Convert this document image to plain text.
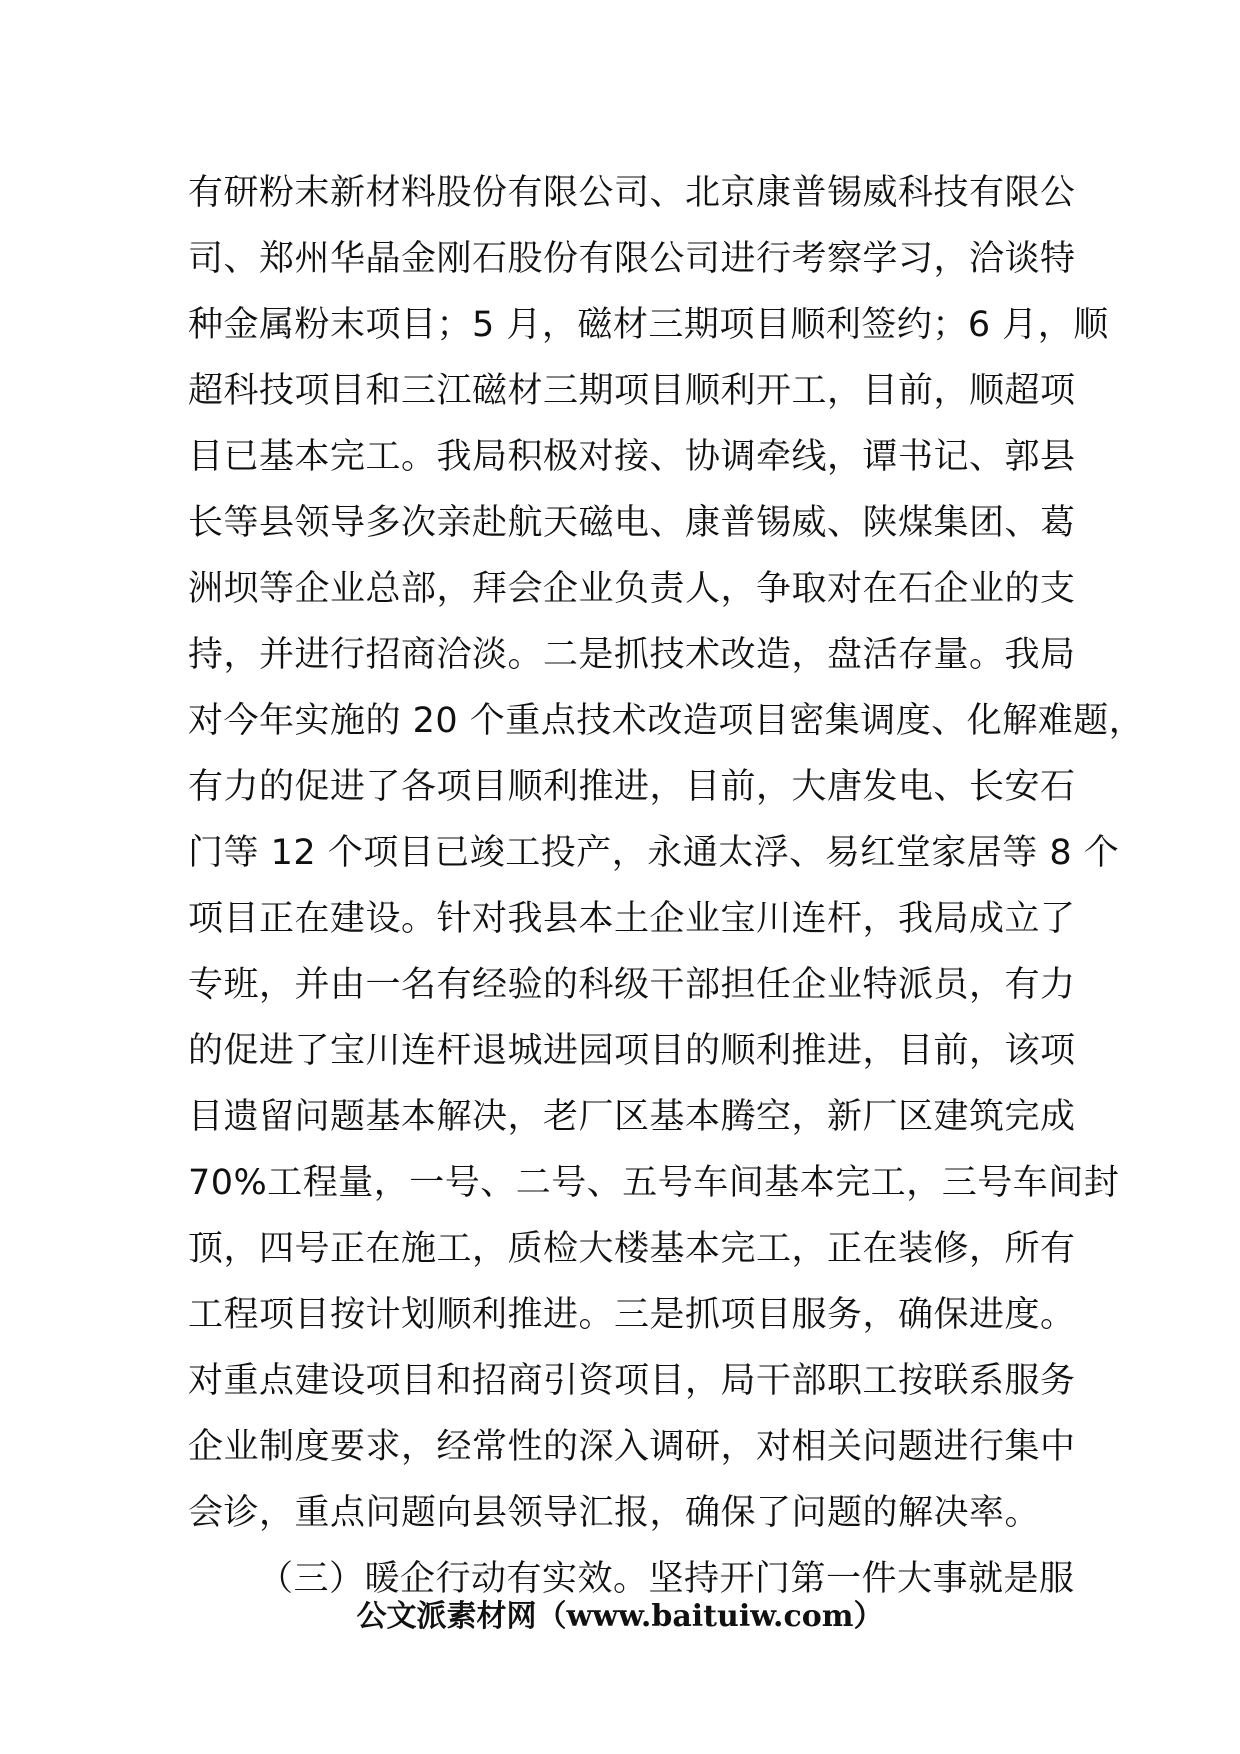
有研粉末新材料股份有限公司、北京康普锡威科技有限公
司、郑州华晶金刚石股份有限公司进行考察学习，洽谈特
种金属粉末项目；5 月，磁材三期项目顺利签约；6 月，顺
超科技项目和三江磁材三期项目顺利开工，目前，顺超项
目已基本完工。我局积极对接、协调牵线，谭书记、郭县
长等县领导多次亲赴航天磁电、康普锡威、陕煤集团、葛
洲坝等企业总部，拜会企业负责人，争取对在石企业的支
持，并进行招商洽淡。二是抓技术改造，盘活存量。我局
对今年实施的 20 个重点技术改造项目密集调度、化解难题，
有力的促进了各项目顺利推进，目前，大唐发电、长安石
门等 12 个项目已竣工投产，永通太浮、易红堂家居等 8 个
项目正在建设。针对我县本土企业宝川连杆，我局成立了
专班，并由一名有经验的科级干部担任企业特派员，有力
的促进了宝川连杆退城进园项目的顺利推进，目前，该项
目遗留问题基本解决，老厂区基本腾空，新厂区建筑完成
70%工程量，一号、二号、五号车间基本完工，三号车间封
顶，四号正在施工，质检大楼基本完工，正在装修，所有
工程项目按计划顺利推进。三是抓项目服务，确保进度。
对重点建设项目和招商引资项目，局干部职工按联系服务
企业制度要求，经常性的深入调研，对相关问题进行集中
会诊，重点问题向县领导汇报，确保了问题的解决率。
（三）暖企行动有实效。坚持开门第一件大事就是服
公文派素材网（www.baituiw.com）
